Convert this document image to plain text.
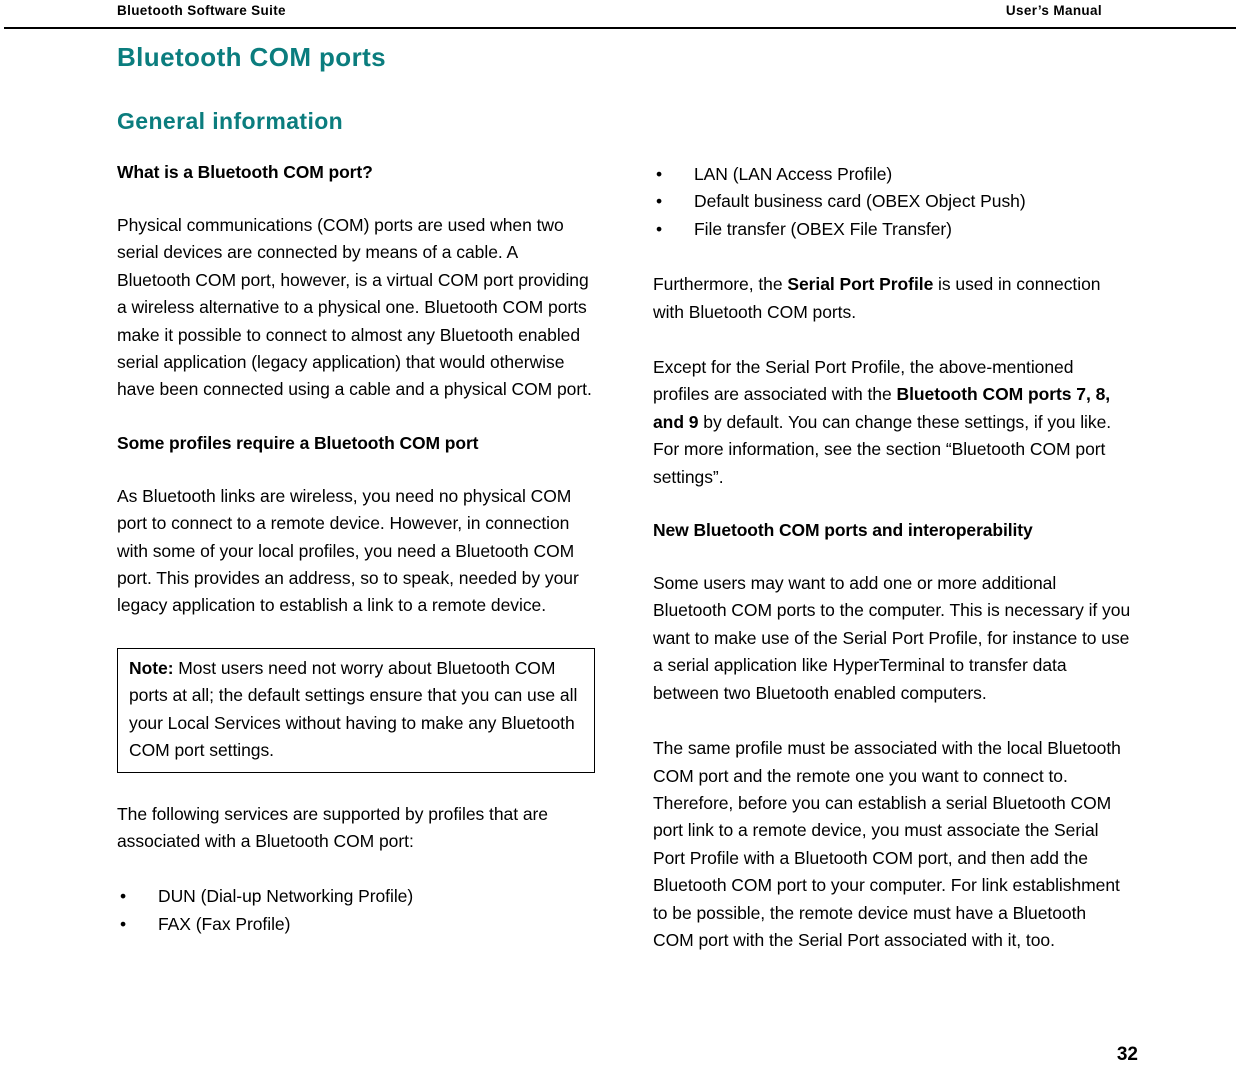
Bluetooth Software Suite	User’s Manual
Bluetooth COM ports
General information
What is a Bluetooth COM port?

Physical communications (COM) ports are used when two serial devices are connected by means of a cable. A Bluetooth COM port, however, is a virtual COM port providing a wireless alternative to a physical one. Bluetooth COM ports make it possible to connect to almost any Bluetooth enabled serial application (legacy application) that would otherwise have been connected using a cable and a physical COM port.

Some profiles require a Bluetooth COM port

As Bluetooth links are wireless, you need no physical COM port to connect to a remote device. However, in connection with some of your local profiles, you need a Bluetooth COM port. This provides an address, so to speak, needed by your legacy application to establish a link to a remote device.

Note: Most users need not worry about Bluetooth COM ports at all; the default settings ensure that you can use all your Local Services without having to make any Bluetooth COM port settings.

The following services are supported by profiles that are associated with a Bluetooth COM port:

• DUN (Dial-up Networking Profile)
• FAX (Fax Profile)
• LAN (LAN Access Profile)
• Default business card (OBEX Object Push)
• File transfer (OBEX File Transfer)

Furthermore, the Serial Port Profile is used in connection with Bluetooth COM ports.

Except for the Serial Port Profile, the above-mentioned profiles are associated with the Bluetooth COM ports 7, 8, and 9 by default. You can change these settings, if you like. For more information, see the section “Bluetooth COM port settings”.

New Bluetooth COM ports and interoperability

Some users may want to add one or more additional Bluetooth COM ports to the computer. This is necessary if you want to make use of the Serial Port Profile, for instance to use a serial application like HyperTerminal to transfer data between two Bluetooth enabled computers.

The same profile must be associated with the local Bluetooth COM port and the remote one you want to connect to. Therefore, before you can establish a serial Bluetooth COM port link to a remote device, you must associate the Serial Port Profile with a Bluetooth COM port, and then add the Bluetooth COM port to your computer. For link establishment to be possible, the remote device must have a Bluetooth COM port with the Serial Port associated with it, too.

32
